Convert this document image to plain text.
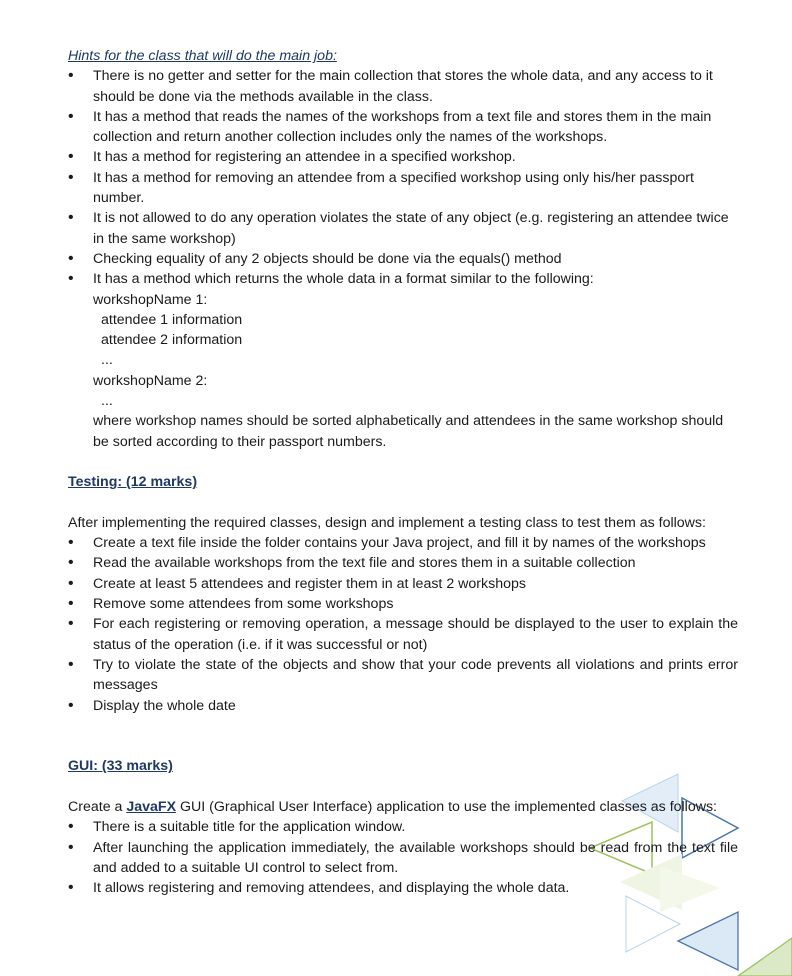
Hints for the class that will do the main job:

• There is no getter and setter for the main collection that stores the whole data, and any access to it should be done via the methods available in the class.
• It has a method that reads the names of the workshops from a text file and stores them in the main collection and return another collection includes only the names of the workshops.
• It has a method for registering an attendee in a specified workshop.
• It has a method for removing an attendee from a specified workshop using only his/her passport number.
• It is not allowed to do any operation violates the state of any object (e.g. registering an attendee twice in the same workshop)
• Checking equality of any 2 objects should be done via the equals() method
• It has a method which returns the whole data in a format similar to the following:
workshopName 1:
attendee 1 information
attendee 2 information
...
workshopName 2:
...
where workshop names should be sorted alphabetically and attendees in the same workshop should be sorted according to their passport numbers.

Testing: (12 marks)

After implementing the required classes, design and implement a testing class to test them as follows:

• Create a text file inside the folder contains your Java project, and fill it by names of the workshops
• Read the available workshops from the text file and stores them in a suitable collection
• Create at least 5 attendees and register them in at least 2 workshops
• Remove some attendees from some workshops
• For each registering or removing operation, a message should be displayed to the user to explain the status of the operation (i.e. if it was successful or not)
• Try to violate the state of the objects and show that your code prevents all violations and prints error messages
• Display the whole date

GUI: (33 marks)

Create a JavaFX GUI (Graphical User Interface) application to use the implemented classes as follows:

• There is a suitable title for the application window.
• After launching the application immediately, the available workshops should be read from the text file and added to a suitable UI control to select from.
• It allows registering and removing attendees, and displaying the whole data.
